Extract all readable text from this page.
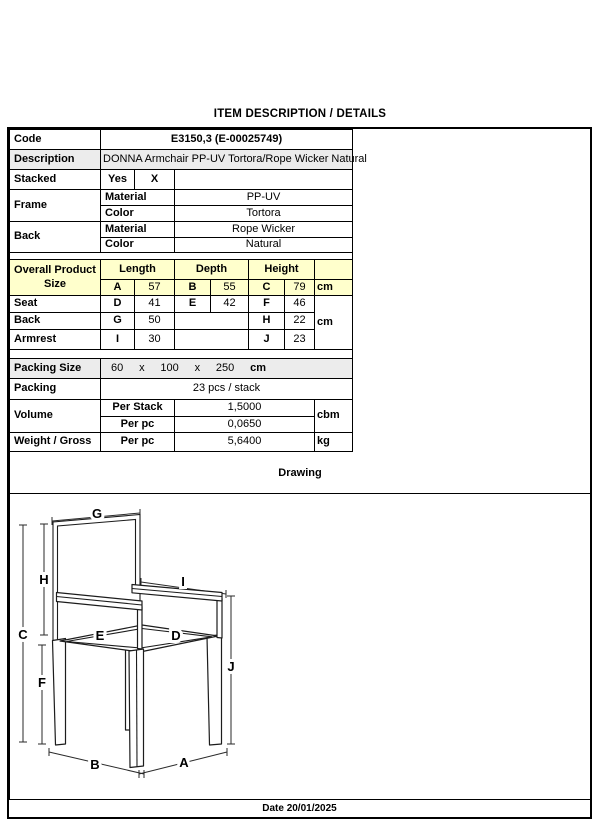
ITEM DESCRIPTION / DETAILS
Code	E3150,3 (E-00025749)						
Description	DONNA Armchair PP-UV Tortora/Rope Wicker Natural						
Stacked	Yes	X					
Frame	Material		PP-UV				
	Color		Tortora				
Back	Material		Rope Wicker				
	Color		Natural				

Overall Product Size	Length		Depth		Height		
	A	57	B	55	C	79	cm
Seat	D	41	E	42	F	46	cm
Back	G	50			H	22	
Armrest	I	30			J	23	

Packing Size	60 x 100 x 250 cm

Packing	23 pcs / stack						
Volume	Per Stack		1,5000				cbm
	Per pc		0,0650				
Weight / Gross	Per pc		5,6400				kg
Drawing
G
H
C
F
E	D
I
J
B	A
Date 20/01/2025
